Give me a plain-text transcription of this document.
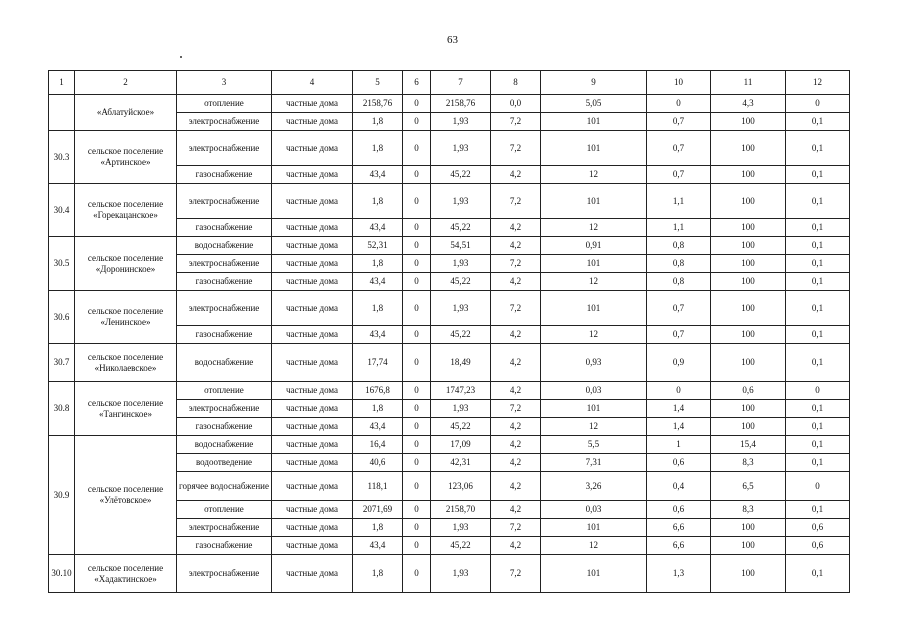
63
1	2	3	4	5	6	7	8	9	10	11	12
	«Аблатуйское»	отопление	частные дома	2158,76	0	2158,76	0,0	5,05	0	4,3	0
		электроснабжение	частные дома	1,8	0	1,93	7,2	101	0,7	100	0,1
30.3	сельское поселение «Артинское»	электроснабжение	частные дома	1,8	0	1,93	7,2	101	0,7	100	0,1
		газоснабжение	частные дома	43,4	0	45,22	4,2	12	0,7	100	0,1
30.4	сельское поселение «Горекацанское»	электроснабжение	частные дома	1,8	0	1,93	7,2	101	1,1	100	0,1
		газоснабжение	частные дома	43,4	0	45,22	4,2	12	1,1	100	0,1
30.5	сельское поселение «Доронинское»	водоснабжение	частные дома	52,31	0	54,51	4,2	0,91	0,8	100	0,1
		электроснабжение	частные дома	1,8	0	1,93	7,2	101	0,8	100	0,1
		газоснабжение	частные дома	43,4	0	45,22	4,2	12	0,8	100	0,1
30.6	сельское поселение «Ленинское»	электроснабжение	частные дома	1,8	0	1,93	7,2	101	0,7	100	0,1
		газоснабжение	частные дома	43,4	0	45,22	4,2	12	0,7	100	0,1
30.7	сельское поселение «Николаевское»	водоснабжение	частные дома	17,74	0	18,49	4,2	0,93	0,9	100	0,1
30.8	сельское поселение «Тангинское»	отопление	частные дома	1676,8	0	1747,23	4,2	0,03	0	0,6	0
		электроснабжение	частные дома	1,8	0	1,93	7,2	101	1,4	100	0,1
		газоснабжение	частные дома	43,4	0	45,22	4,2	12	1,4	100	0,1
30.9	сельское поселение «Улётовское»	водоснабжение	частные дома	16,4	0	17,09	4,2	5,5	1	15,4	0,1
		водоотведение	частные дома	40,6	0	42,31	4,2	7,31	0,6	8,3	0,1
		горячее водоснабжение	частные дома	118,1	0	123,06	4,2	3,26	0,4	6,5	0
		отопление	частные дома	2071,69	0	2158,70	4,2	0,03	0,6	8,3	0,1
		электроснабжение	частные дома	1,8	0	1,93	7,2	101	6,6	100	0,6
		газоснабжение	частные дома	43,4	0	45,22	4,2	12	6,6	100	0,6
30.10	сельское поселение «Хадактинское»	электроснабжение	частные дома	1,8	0	1,93	7,2	101	1,3	100	0,1
